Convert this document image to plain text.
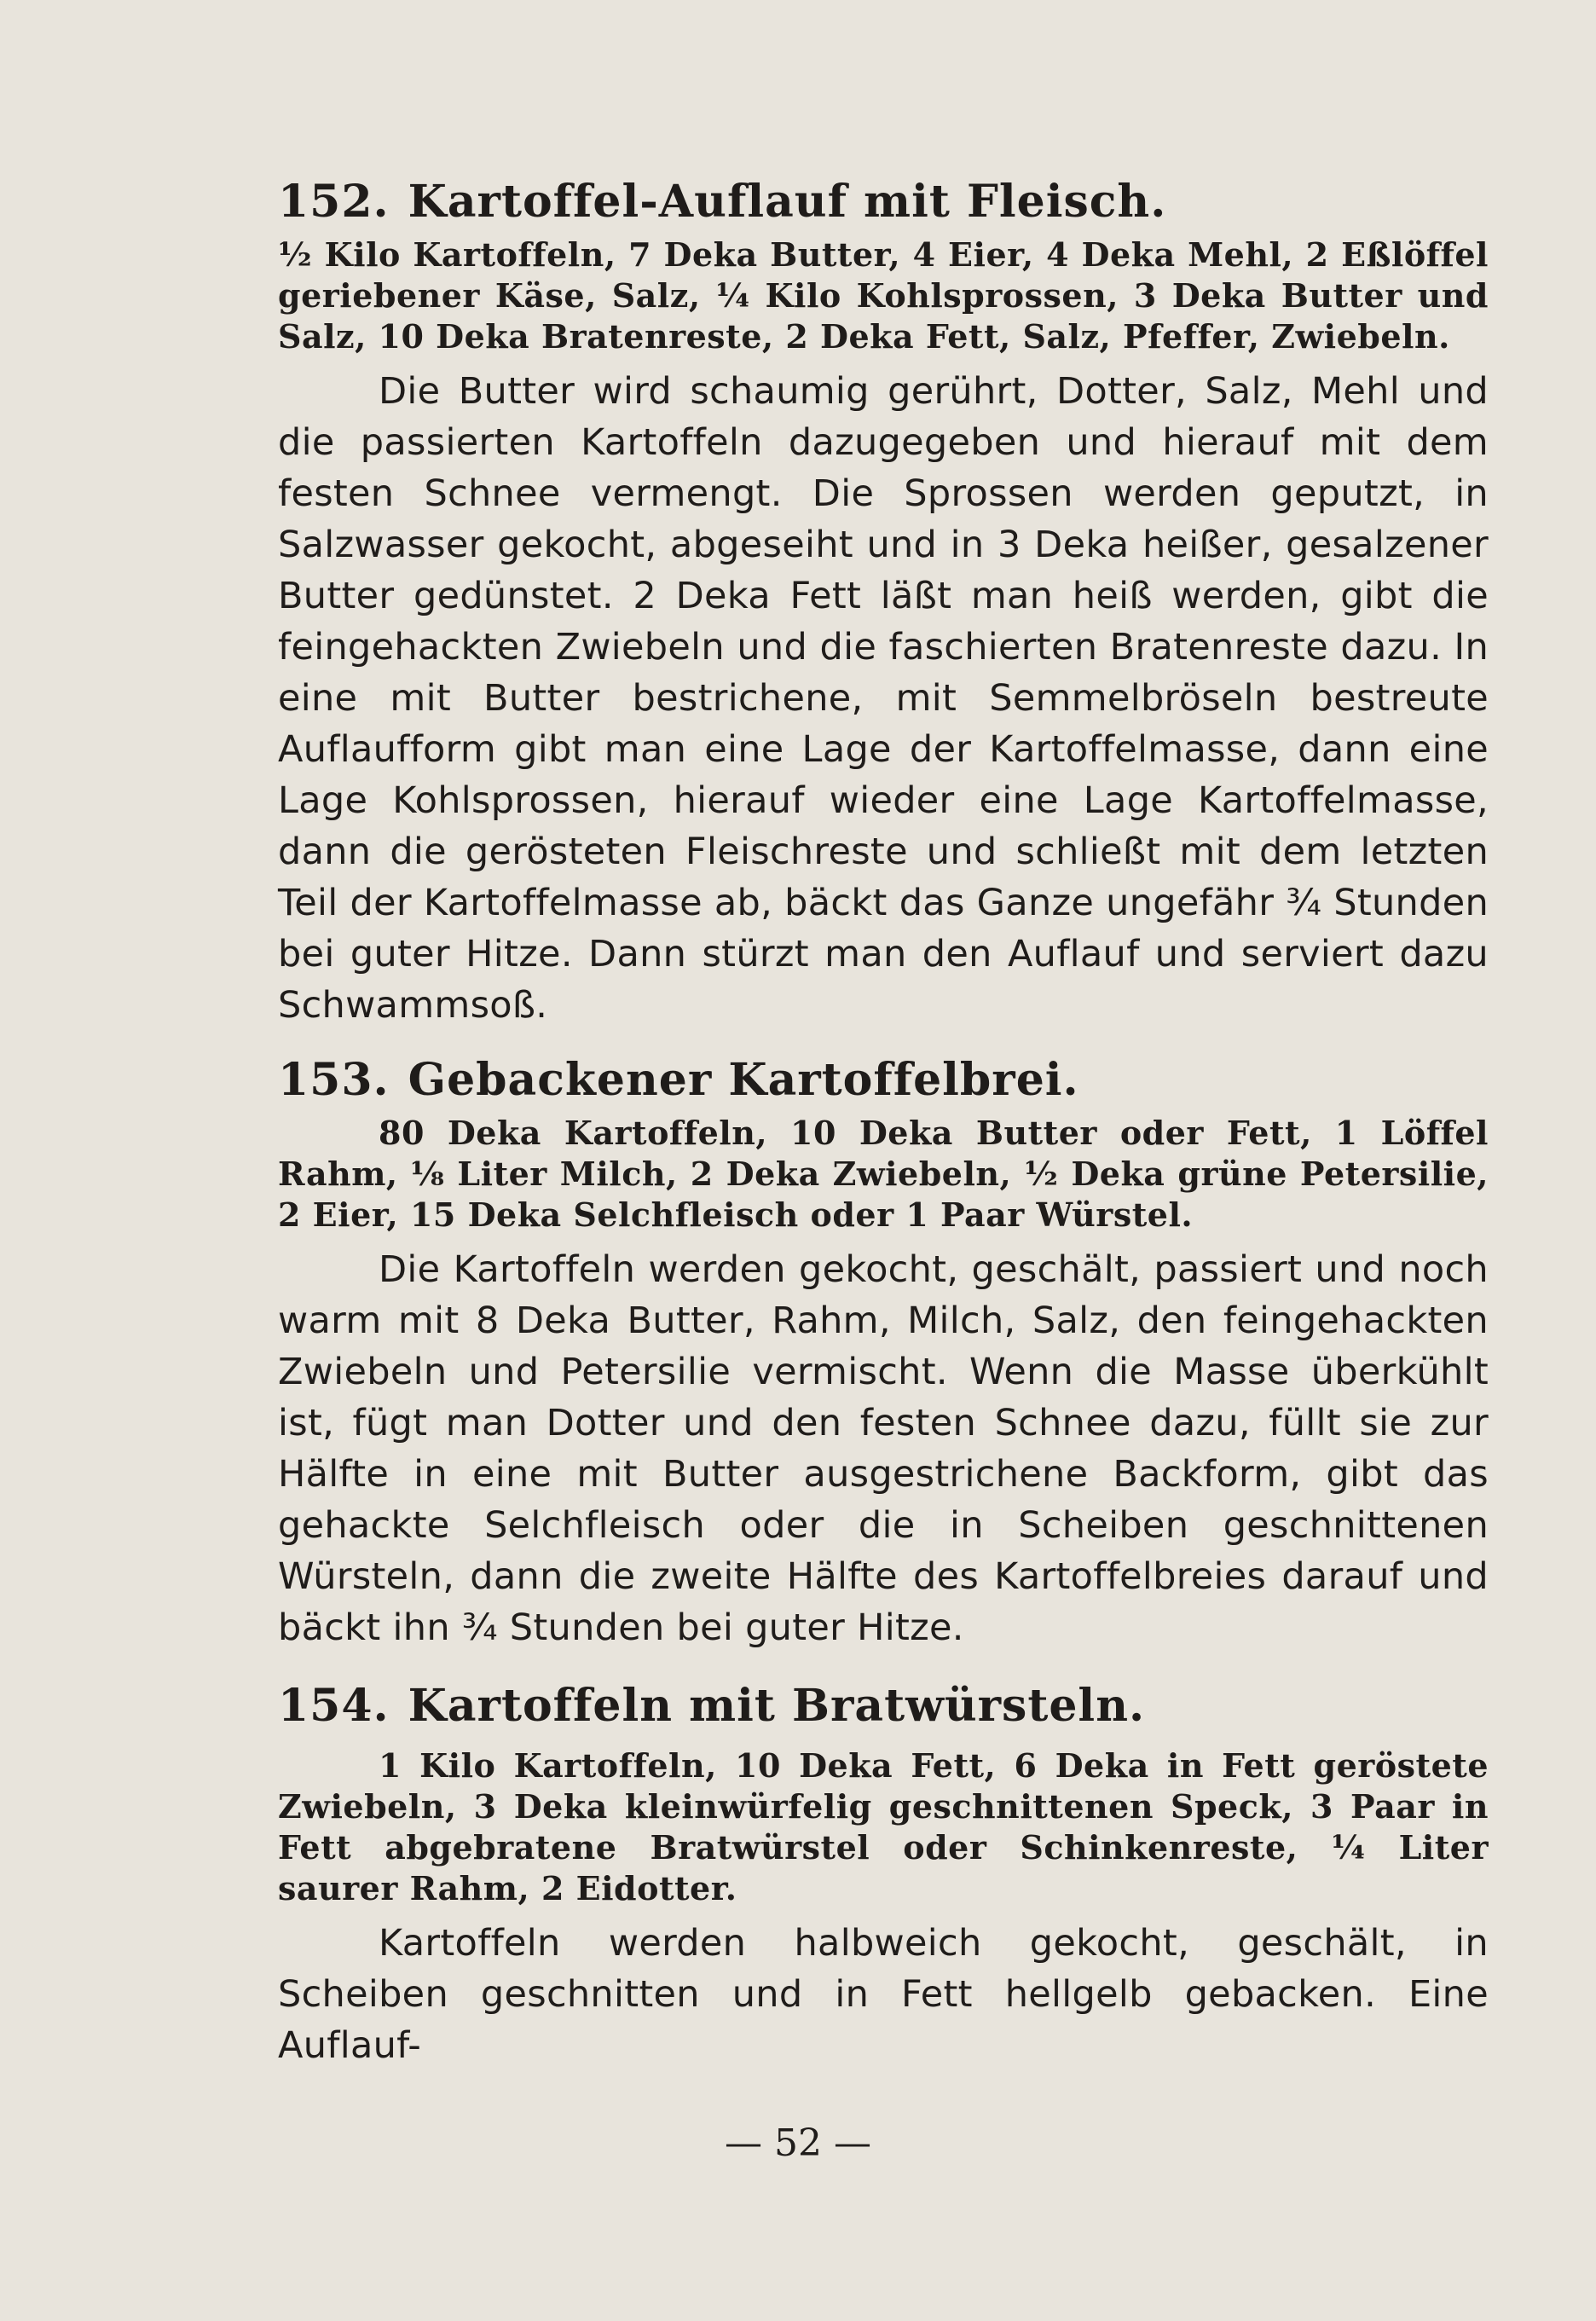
152. Kartoffel-Auflauf mit Fleisch.

½ Kilo Kartoffeln, 7 Deka Butter, 4 Eier, 4 Deka Mehl, 2 Eßlöffel geriebener Käse, Salz, ¼ Kilo Kohlsprossen, 3 Deka Butter und Salz, 10 Deka Bratenreste, 2 Deka Fett, Salz, Pfeffer, Zwiebeln.

Die Butter wird schaumig gerührt, Dotter, Salz, Mehl und die passierten Kartoffeln dazugegeben und hierauf mit dem festen Schnee vermengt. Die Sprossen werden geputzt, in Salzwasser gekocht, abgeseiht und in 3 Deka heißer, gesalzener Butter gedünstet. 2 Deka Fett läßt man heiß werden, gibt die feingehackten Zwiebeln und die faschierten Bratenreste dazu. In eine mit Butter bestrichene, mit Semmelbröseln bestreute Auflaufform gibt man eine Lage der Kartoffelmasse, dann eine Lage Kohlsprossen, hierauf wieder eine Lage Kartoffelmasse, dann die gerösteten Fleischreste und schließt mit dem letzten Teil der Kartoffelmasse ab, bäckt das Ganze ungefähr ¾ Stunden bei guter Hitze. Dann stürzt man den Auflauf und serviert dazu Schwammsoß.

153. Gebackener Kartoffelbrei.

80 Deka Kartoffeln, 10 Deka Butter oder Fett, 1 Löffel Rahm, ⅛ Liter Milch, 2 Deka Zwiebeln, ½ Deka grüne Petersilie, 2 Eier, 15 Deka Selchfleisch oder 1 Paar Würstel.

Die Kartoffeln werden gekocht, geschält, passiert und noch warm mit 8 Deka Butter, Rahm, Milch, Salz, den feingehackten Zwiebeln und Petersilie vermischt. Wenn die Masse überkühlt ist, fügt man Dotter und den festen Schnee dazu, füllt sie zur Hälfte in eine mit Butter ausgestrichene Backform, gibt das gehackte Selchfleisch oder die in Scheiben geschnittenen Würsteln, dann die zweite Hälfte des Kartoffelbreies darauf und bäckt ihn ¾ Stunden bei guter Hitze.

154. Kartoffeln mit Bratwürsteln.

1 Kilo Kartoffeln, 10 Deka Fett, 6 Deka in Fett geröstete Zwiebeln, 3 Deka kleinwürfelig geschnittenen Speck, 3 Paar in Fett abgebratene Bratwürstel oder Schinkenreste, ¼ Liter saurer Rahm, 2 Eidotter.

Kartoffeln werden halbweich gekocht, geschält, in Scheiben geschnitten und in Fett hellgelb gebacken. Eine Auflauf-

— 52 —
